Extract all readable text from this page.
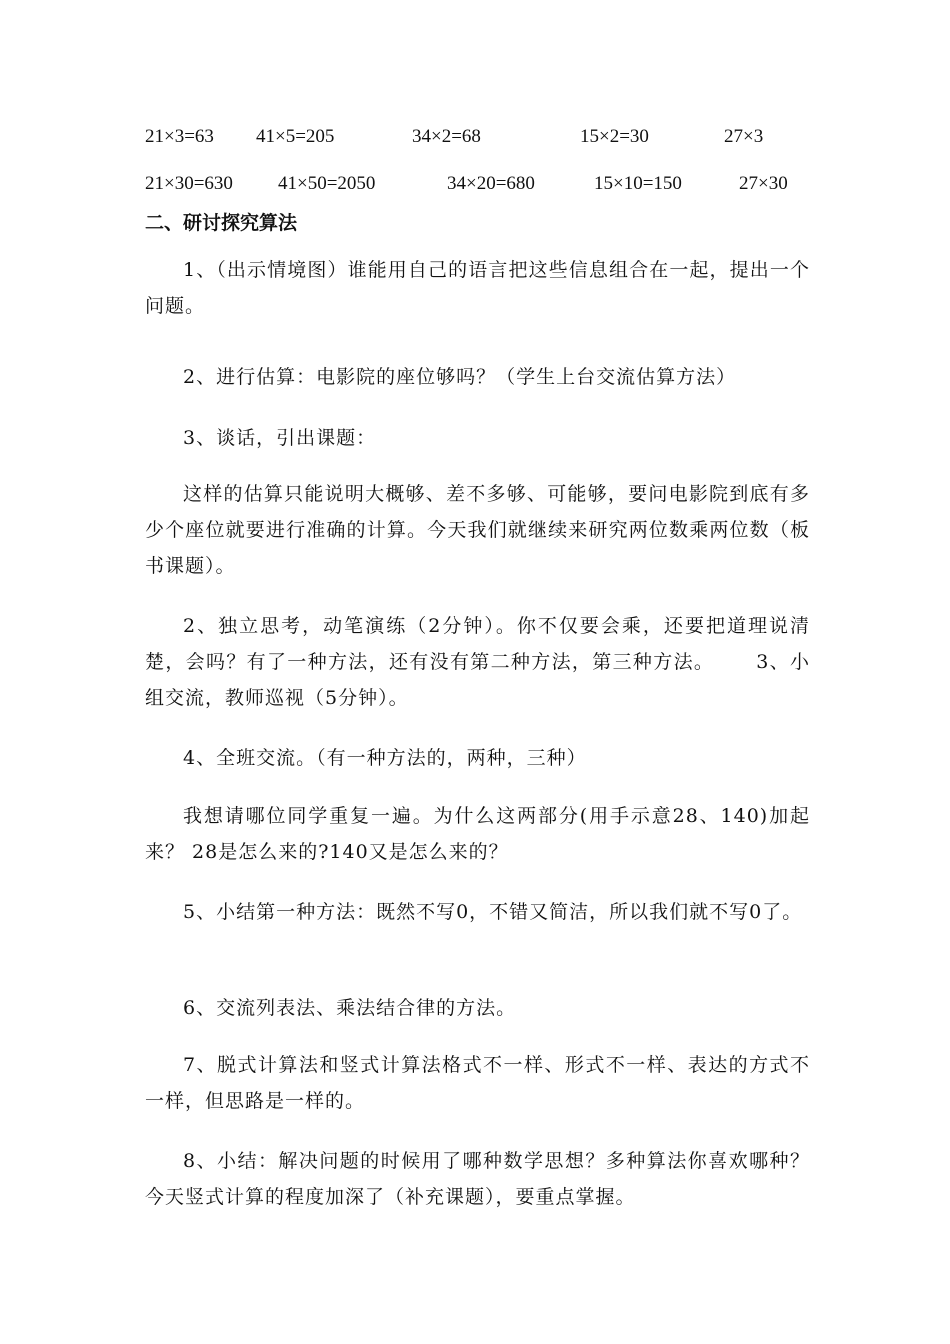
21×3=63 41×5=205	34×2=68	15×2=30	27×3
21×30=630 41×50=2050	34×20=680	15×10=150	27×30
二、研讨探究算法

1、（出示情境图）谁能用自己的语言把这些信息组合在一起，提出一个问题。

2、进行估算：电影院的座位够吗？（学生上台交流估算方法）

3、谈话，引出课题：

这样的估算只能说明大概够、差不多够、可能够，要问电影院到底有多少个座位就要进行准确的计算。今天我们就继续来研究两位数乘两位数（板书课题）。

2、独立思考，动笔演练（2分钟）。你不仅要会乘，还要把道理说清楚，会吗？有了一种方法，还有没有第二种方法，第三种方法。 3、小组交流，教师巡视（5分钟）。

4、全班交流。（有一种方法的，两种，三种）

我想请哪位同学重复一遍。为什么这两部分(用手示意28、140)加起来？ 28是怎么来的?140又是怎么来的？

5、小结第一种方法：既然不写0，不错又简洁，所以我们就不写0了。

6、交流列表法、乘法结合律的方法。

7、脱式计算法和竖式计算法格式不一样、形式不一样、表达的方式不一样，但思路是一样的。

8、小结：解决问题的时候用了哪种数学思想？多种算法你喜欢哪种？今天竖式计算的程度加深了（补充课题），要重点掌握。
